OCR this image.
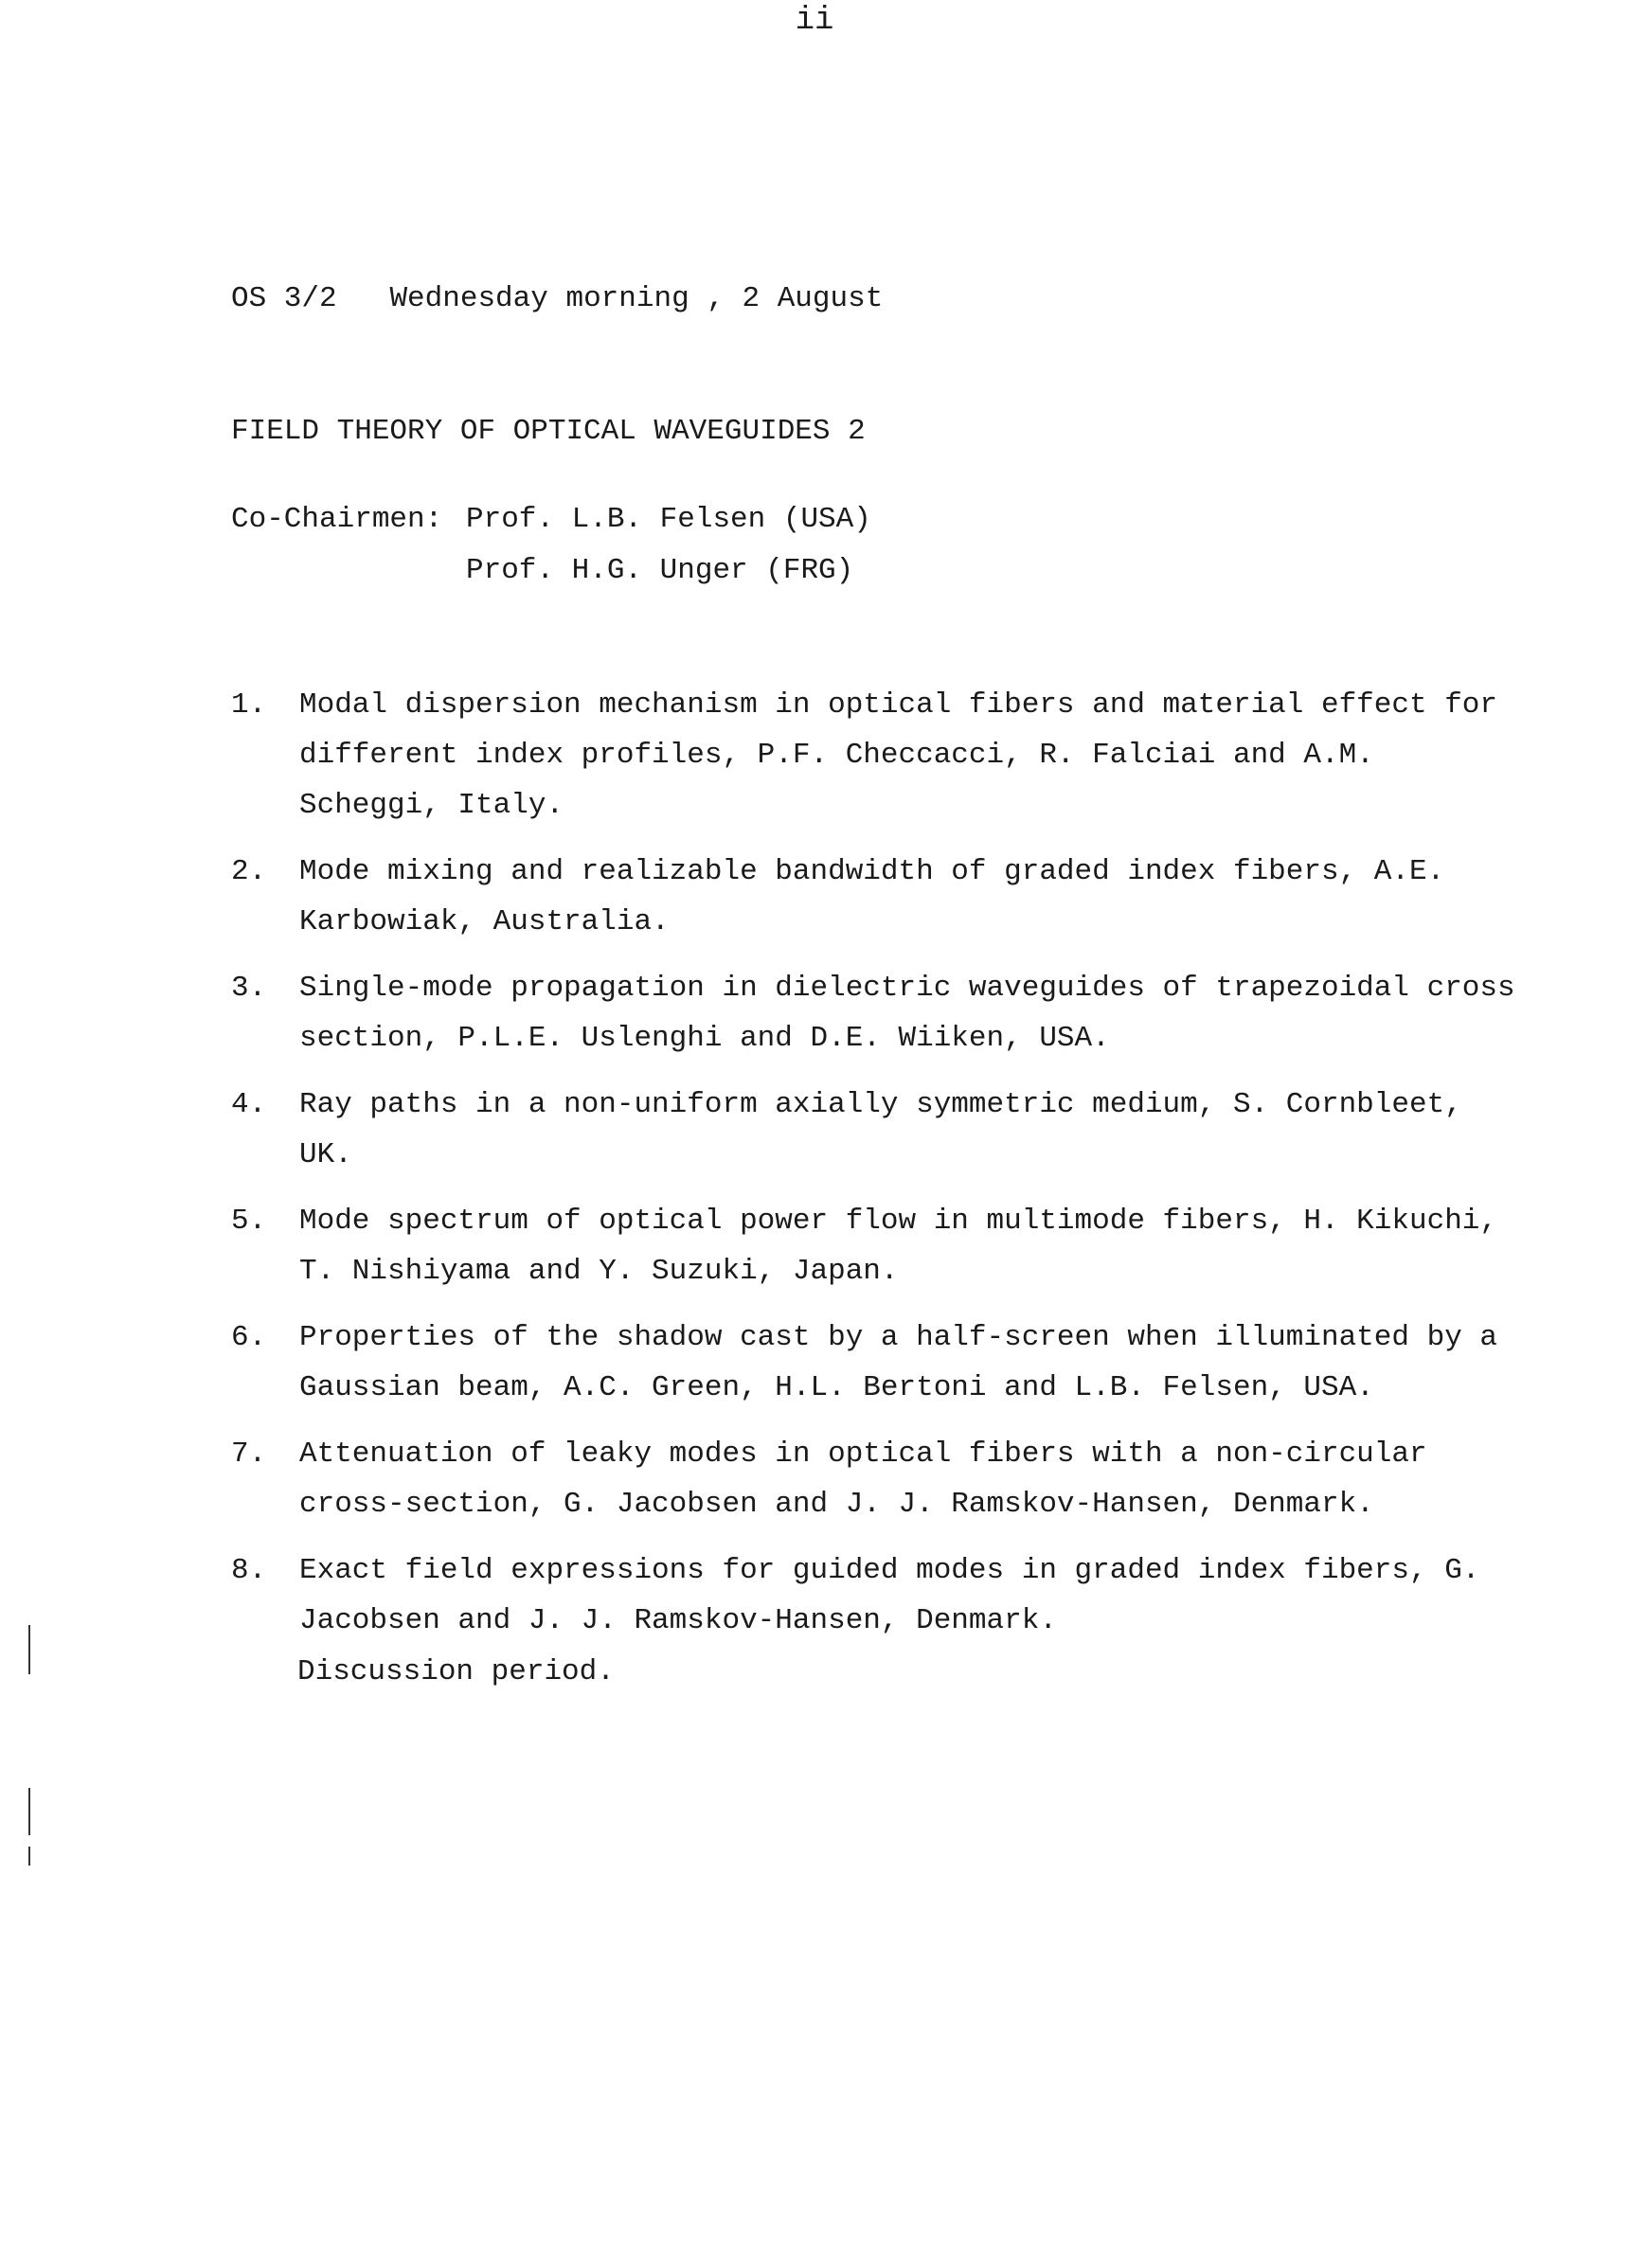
ii
OS 3/2 Wednesday morning , 2 August
FIELD THEORY OF OPTICAL WAVEGUIDES 2
Co-Chairmen: Prof. L.B. Felsen (USA)
Prof. H.G. Unger (FRG)
1. Modal dispersion mechanism in optical fibers and material effect for different index profiles, P.F. Checcacci, R. Falciai and A.M. Scheggi, Italy.
2. Mode mixing and realizable bandwidth of graded index fibers, A.E. Karbowiak, Australia.
3. Single-mode propagation in dielectric waveguides of trapezoidal cross section, P.L.E. Uslenghi and D.E. Wiiken, USA.
4. Ray paths in a non-uniform axially symmetric medium, S. Cornbleet, UK.
5. Mode spectrum of optical power flow in multimode fibers, H. Kikuchi, T. Nishiyama and Y. Suzuki, Japan.
6. Properties of the shadow cast by a half-screen when illuminated by a Gaussian beam, A.C. Green, H.L. Bertoni and L.B. Felsen, USA.
7. Attenuation of leaky modes in optical fibers with a non-circular cross-section, G. Jacobsen and J. J. Ramskov-Hansen, Denmark.
8. Exact field expressions for guided modes in graded index fibers, G. Jacobsen and J. J. Ramskov-Hansen, Denmark.
Discussion period.
